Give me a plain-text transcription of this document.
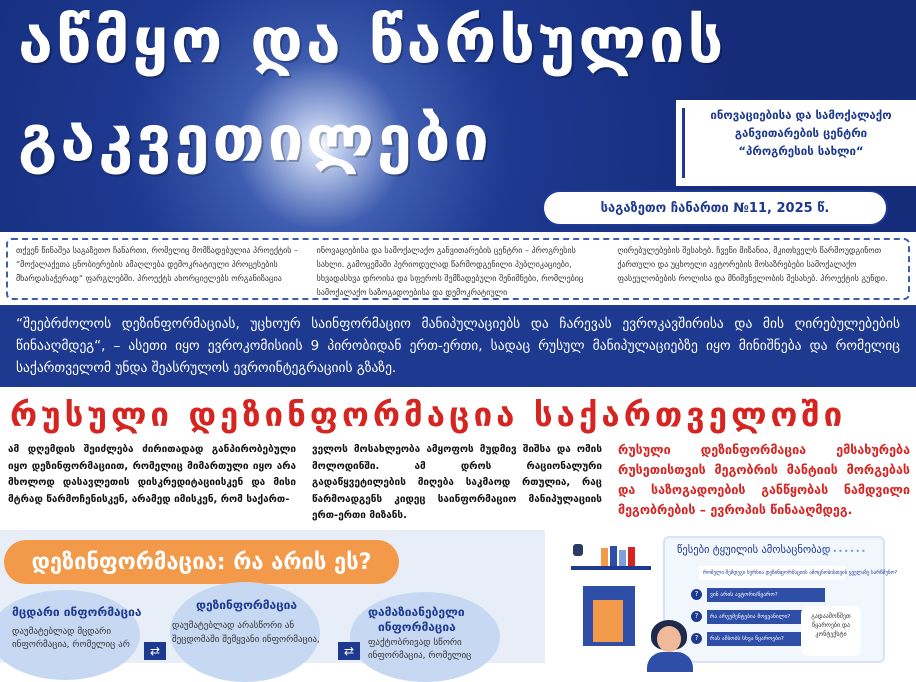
აწმყო და წარსულის
გაკვეთილები	ინოვაციებისა და სამოქალაქო
განვითარების ცენტრი
“პროგრესის სახლი“
საგაზეთო ჩანართი №11, 2025 წ.
თქვენ წინაშეა საგაზეთო ჩანართი, რომელიც მომზადებულია პროექტის – “მოქალაქეთა ცნობიერების ამაღლება დემოკრატიული პროცესების მხარდასაჭერად“ ფარგლებში. პროექტს ახორციელებს ორგანიზაცია
ინოვაციებისა და სამოქალაქო განვითარების ცენტრი – პროგრესის სახლი. გამოცემაში პერიოდულად წარმოდგენილი პუბლიკაციები, სხვადასხვა დროისა და სფეროს შემზადებული შენიშნები, რომლებიც სამოქალაქო საზოგადოებისა და დემოკრატიული
ღირებულებების შესახებ. ჩვენი მიზანია, მკითხველს წარმოუდგინოთ ქართული და უცხოელი ავტორების მოსაზრებები სამოქალაქო ფასეულობების როლისა და მნიშვნელობის შესახებ. პროექტის გუნდი.

“შეებრძოლოს დეზინფორმაციას, უცხოურ საინფორმაციო მანიპულაციებს და ჩარევას ევროკავშირისა და მის ღირებულებების წინააღმდეგ“, – ასეთი იყო ევროკომისიის 9 პირობიდან ერთ-ერთი, სადაც რუსულ მანიპულაციებზე იყო მინიშნება და რომელიც საქართველომ უნდა შეასრულოს ევროინტეგრაციის გზაზე.

რუსული დეზინფორმაცია საქართველოში
ამ დღემდის შეიძლება ძირითადად განპირობებული იყო დეზინფორმაციით, რომელიც მიმართული იყო არა მხოლოდ დასავლეთის დისკრედიტაციისკენ და მისი მტრად წარმოჩენისკენ, არამედ იმისკენ, რომ საქართ-
ველოს მოსახლეობა ამყოფოს მუდმივ შიშსა და ომის მოლოდინში. ამ დროს რაციონალური გადაწყვეტილების მიღება საკმაოდ რთულია, რაც წარმოადგენს კიდეც საინფორმაციო მანიპულაციის ერთ-ერთი მიზანს.
რუსული დეზინფორმაცია ემსახურება რუსეთისთვის მეგობრის მანტიის მორგებას და საზოგადოების განწყობას ნამდვილი მეგობრების – ევროპის წინააღმდეგ.
დეზინფორმაცია: რა არის ეს?
მცდარი ინფორმაცია
დაუმატებლად მცდარი
ინფორმაცია, რომელიც არ	⇄
დეზინფორმაცია
დაუმატებლად არასწორი ან
შეცდომაში შემყვანი ინფორმაცია,
⇄
დამაზიანებელი
ინფორმაცია
ფაქტობრივად სწორი
ინფორმაცია, რომელიც
წესები ტყუილის ამოსაცნობად
••••••••
რომელი შემდეგი ხერხია დეზინფორმაციის ამოცნობისთვის ყველაზე სარწმუნო?
?	ვინ არის ავტორი/წყარო?
?	რა არგუმენტებია მოყვანილი?
?	რას ამბობს სხვა წყაროები?
გადაამოწმეთ წყაროები და კონტექსტი
